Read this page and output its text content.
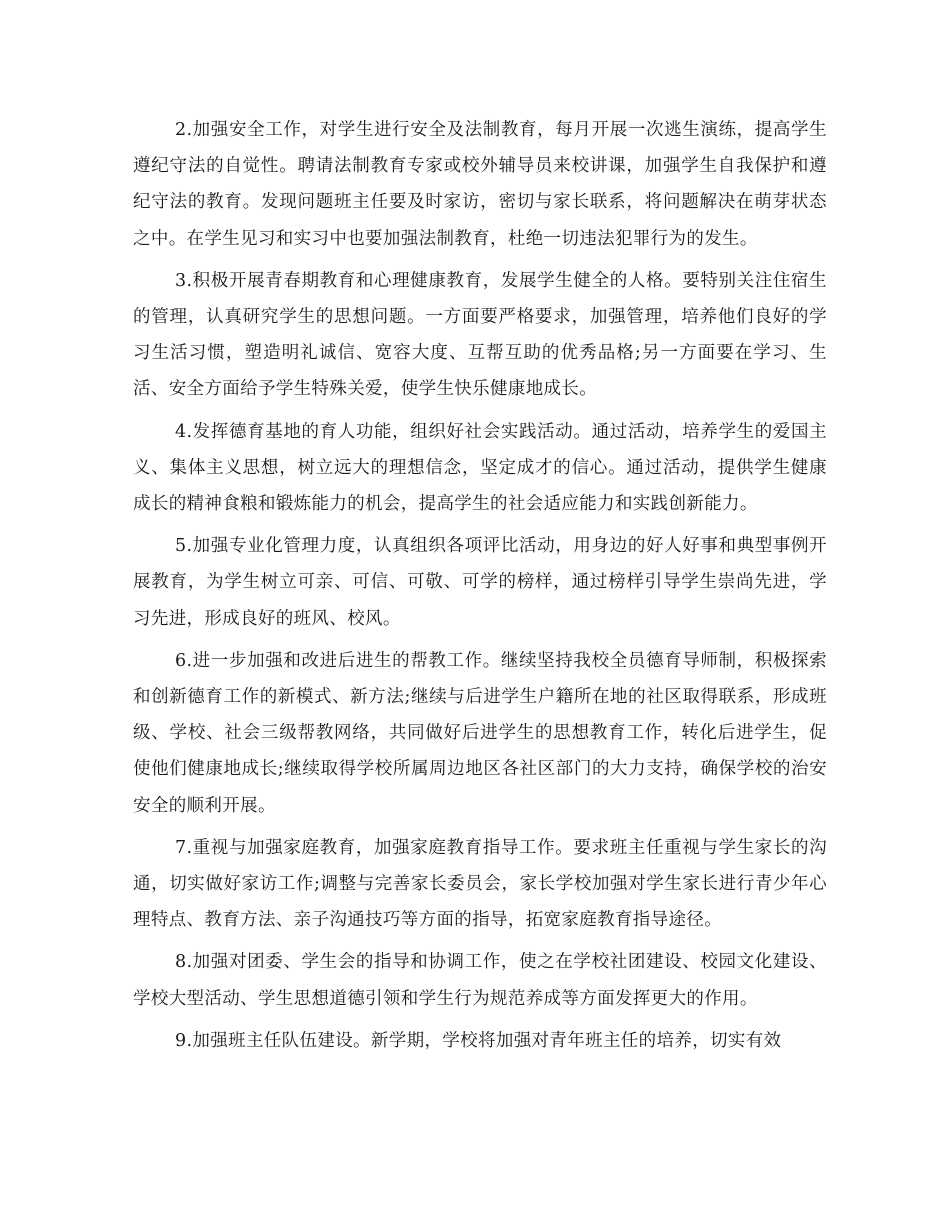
2.加强安全工作，对学生进行安全及法制教育，每月开展一次逃生演练，提高学生遵纪守法的自觉性。聘请法制教育专家或校外辅导员来校讲课，加强学生自我保护和遵纪守法的教育。发现问题班主任要及时家访，密切与家长联系，将问题解决在萌芽状态之中。在学生见习和实习中也要加强法制教育，杜绝一切违法犯罪行为的发生。

3.积极开展青春期教育和心理健康教育，发展学生健全的人格。要特别关注住宿生的管理，认真研究学生的思想问题。一方面要严格要求，加强管理，培养他们良好的学习生活习惯，塑造明礼诚信、宽容大度、互帮互助的优秀品格;另一方面要在学习、生活、安全方面给予学生特殊关爱，使学生快乐健康地成长。

4.发挥德育基地的育人功能，组织好社会实践活动。通过活动，培养学生的爱国主义、集体主义思想，树立远大的理想信念，坚定成才的信心。通过活动，提供学生健康成长的精神食粮和锻炼能力的机会，提高学生的社会适应能力和实践创新能力。

5.加强专业化管理力度，认真组织各项评比活动，用身边的好人好事和典型事例开展教育，为学生树立可亲、可信、可敬、可学的榜样，通过榜样引导学生崇尚先进，学习先进，形成良好的班风、校风。

6.进一步加强和改进后进生的帮教工作。继续坚持我校全员德育导师制，积极探索和创新德育工作的新模式、新方法;继续与后进学生户籍所在地的社区取得联系，形成班级、学校、社会三级帮教网络，共同做好后进学生的思想教育工作，转化后进学生，促使他们健康地成长;继续取得学校所属周边地区各社区部门的大力支持，确保学校的治安安全的顺利开展。

7.重视与加强家庭教育，加强家庭教育指导工作。要求班主任重视与学生家长的沟通，切实做好家访工作;调整与完善家长委员会，家长学校加强对学生家长进行青少年心理特点、教育方法、亲子沟通技巧等方面的指导，拓宽家庭教育指导途径。

8.加强对团委、学生会的指导和协调工作，使之在学校社团建设、校园文化建设、学校大型活动、学生思想道德引领和学生行为规范养成等方面发挥更大的作用。

9.加强班主任队伍建设。新学期，学校将加强对青年班主任的培养，切实有效
